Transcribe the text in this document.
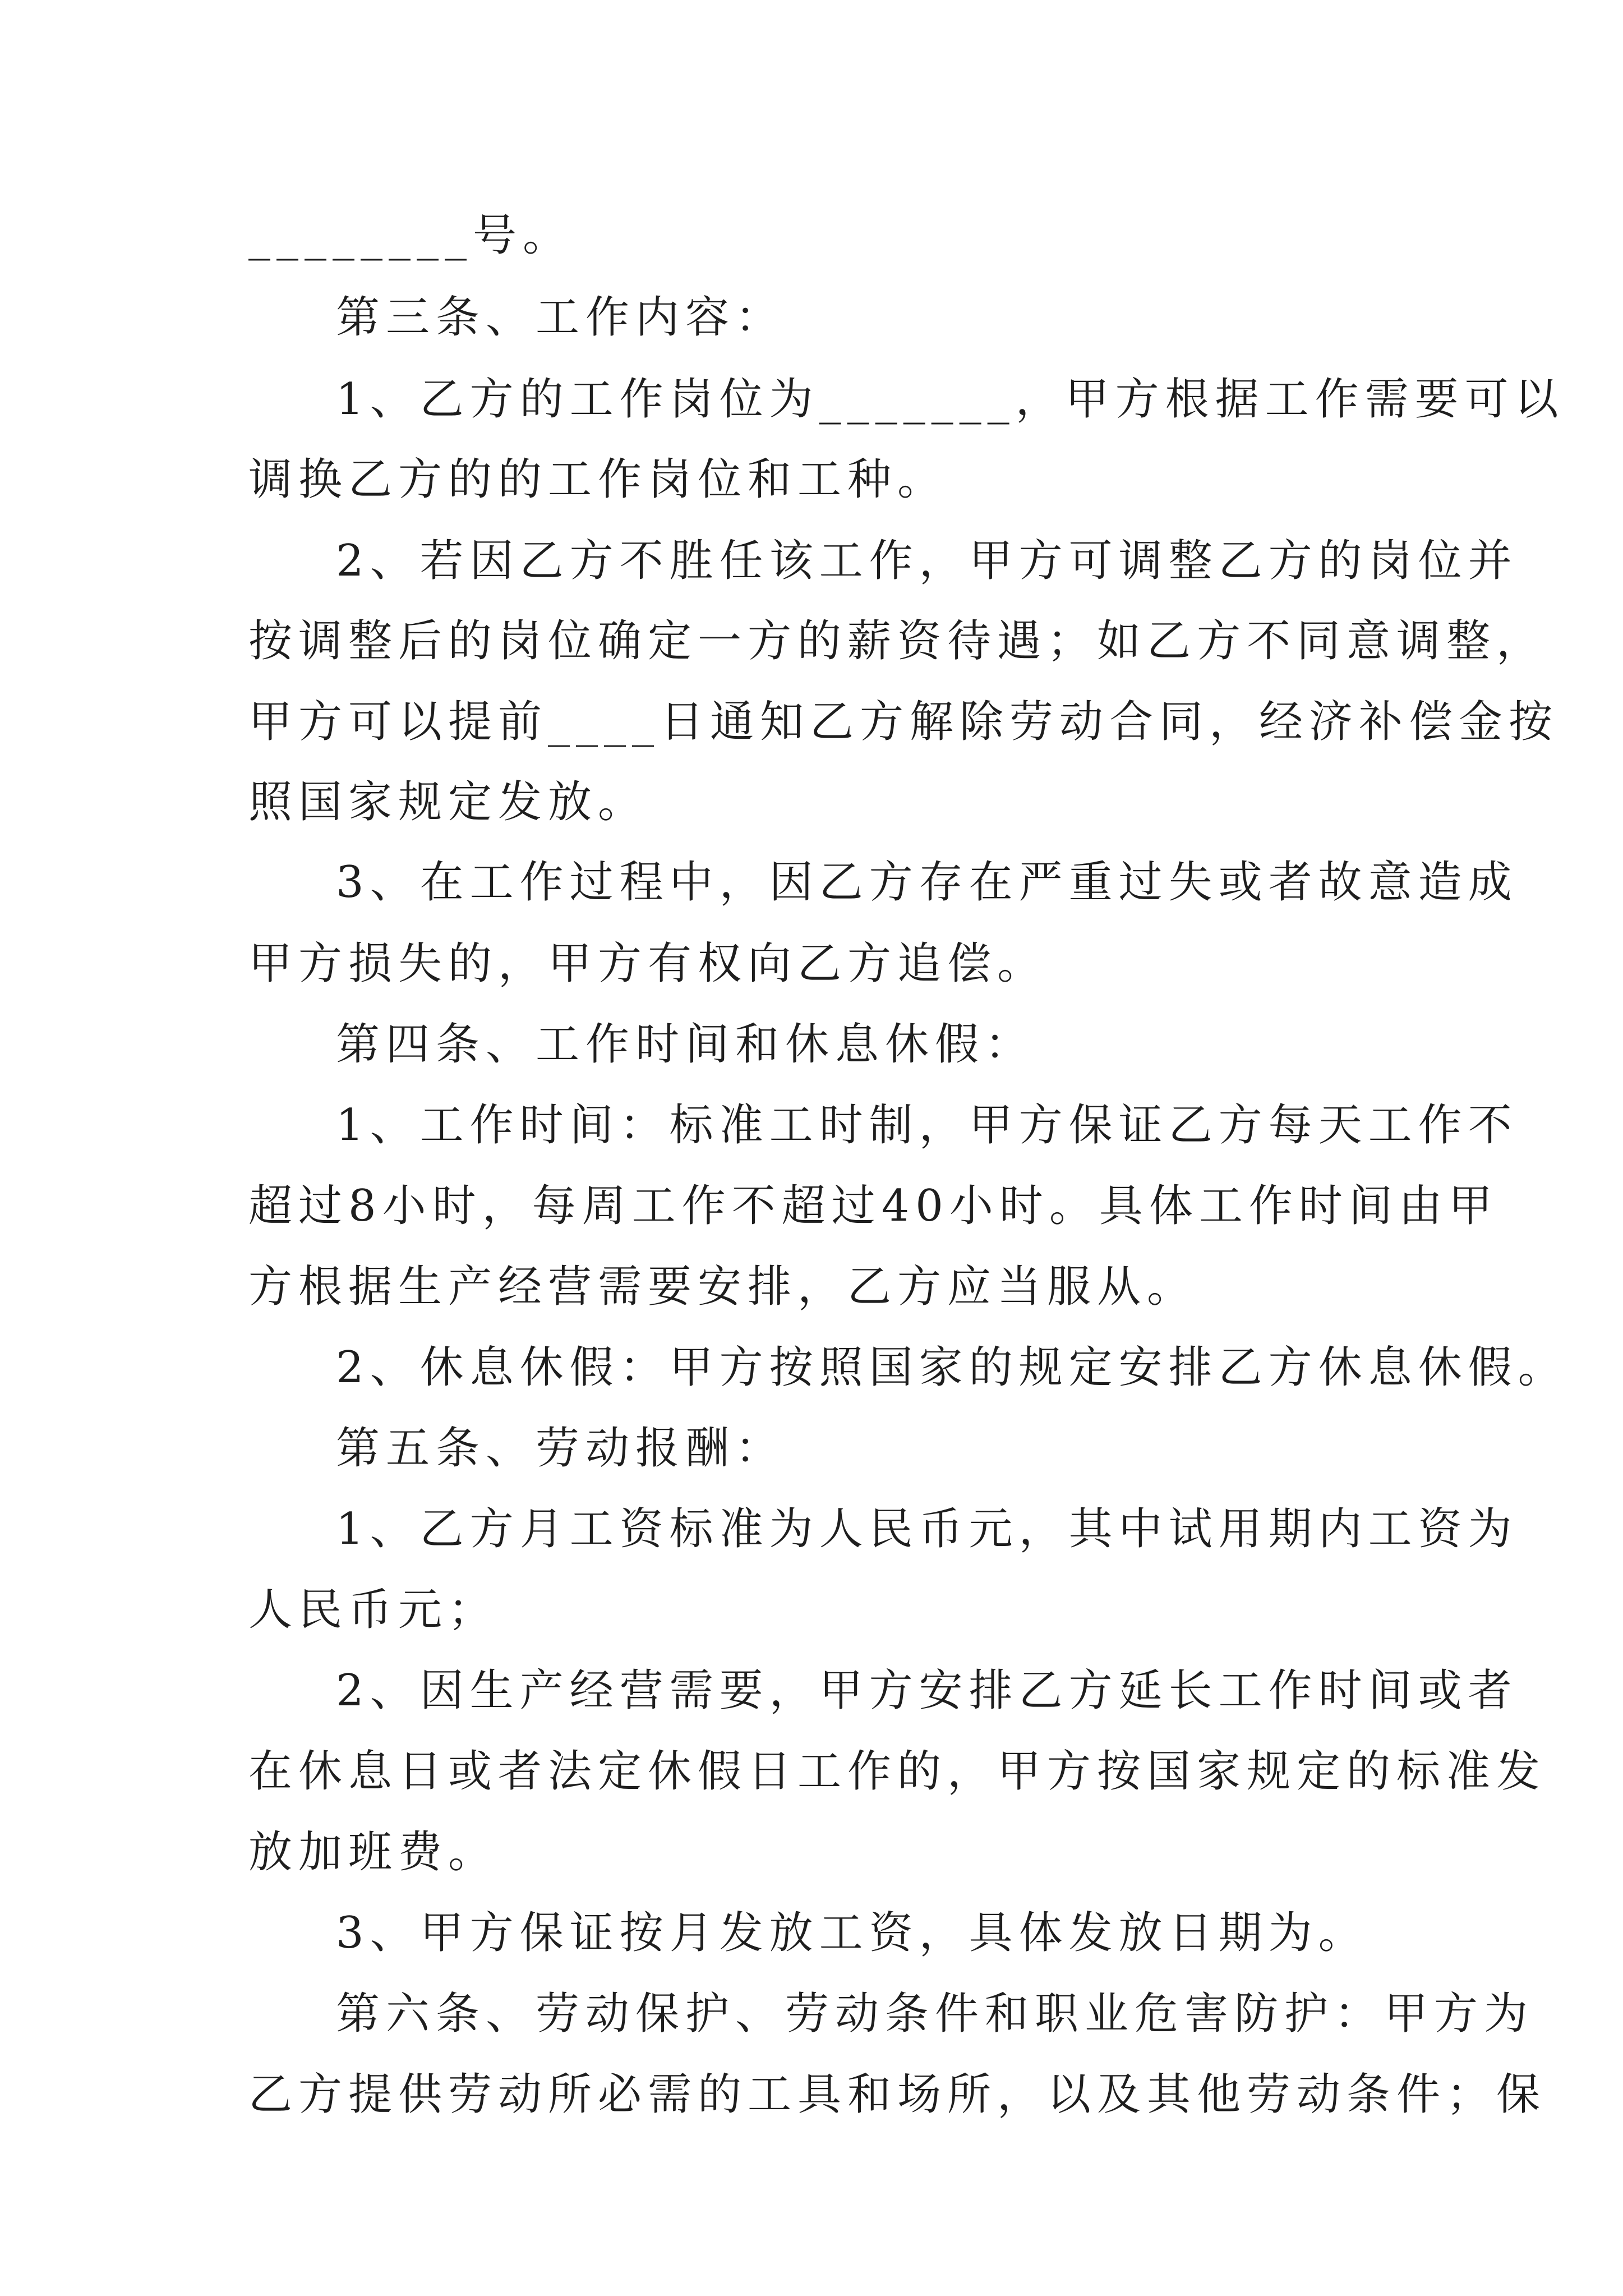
________号。
第三条、工作内容：
1、乙方的工作岗位为_______，甲方根据工作需要可以
调换乙方的的工作岗位和工种。
2、若因乙方不胜任该工作，甲方可调整乙方的岗位并
按调整后的岗位确定一方的薪资待遇；如乙方不同意调整，
甲方可以提前____日通知乙方解除劳动合同，经济补偿金按
照国家规定发放。
3、在工作过程中，因乙方存在严重过失或者故意造成
甲方损失的，甲方有权向乙方追偿。
第四条、工作时间和休息休假：
1、工作时间：标准工时制，甲方保证乙方每天工作不
超过8小时，每周工作不超过40小时。具体工作时间由甲
方根据生产经营需要安排，乙方应当服从。
2、休息休假：甲方按照国家的规定安排乙方休息休假。
第五条、劳动报酬：
1、乙方月工资标准为人民币元，其中试用期内工资为
人民币元；
2、因生产经营需要，甲方安排乙方延长工作时间或者
在休息日或者法定休假日工作的，甲方按国家规定的标准发
放加班费。
3、甲方保证按月发放工资，具体发放日期为。
第六条、劳动保护、劳动条件和职业危害防护：甲方为
乙方提供劳动所必需的工具和场所，以及其他劳动条件；保
